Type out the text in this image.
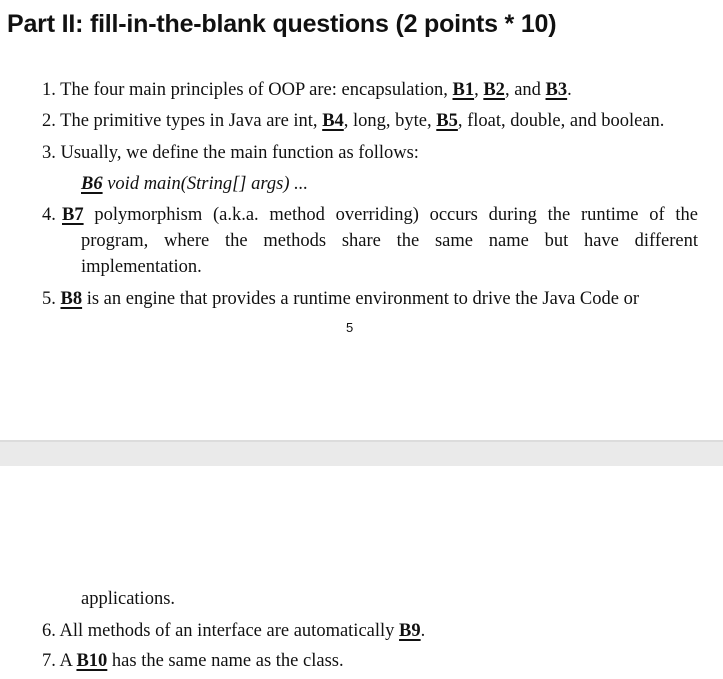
Part II: fill-in-the-blank questions (2 points * 10)
1. The four main principles of OOP are: encapsulation, B1, B2, and B3.
2. The primitive types in Java are int, B4, long, byte, B5, float, double, and boolean.
3. Usually, we define the main function as follows:
B6 void main(String[] args) ...
4. B7 polymorphism (a.k.a. method overriding) occurs during the runtime of the
program, where the methods share the same name but have different
implementation.
5. B8 is an engine that provides a runtime environment to drive the Java Code or
5
applications.
6. All methods of an interface are automatically B9.
7. A B10 has the same name as the class.
